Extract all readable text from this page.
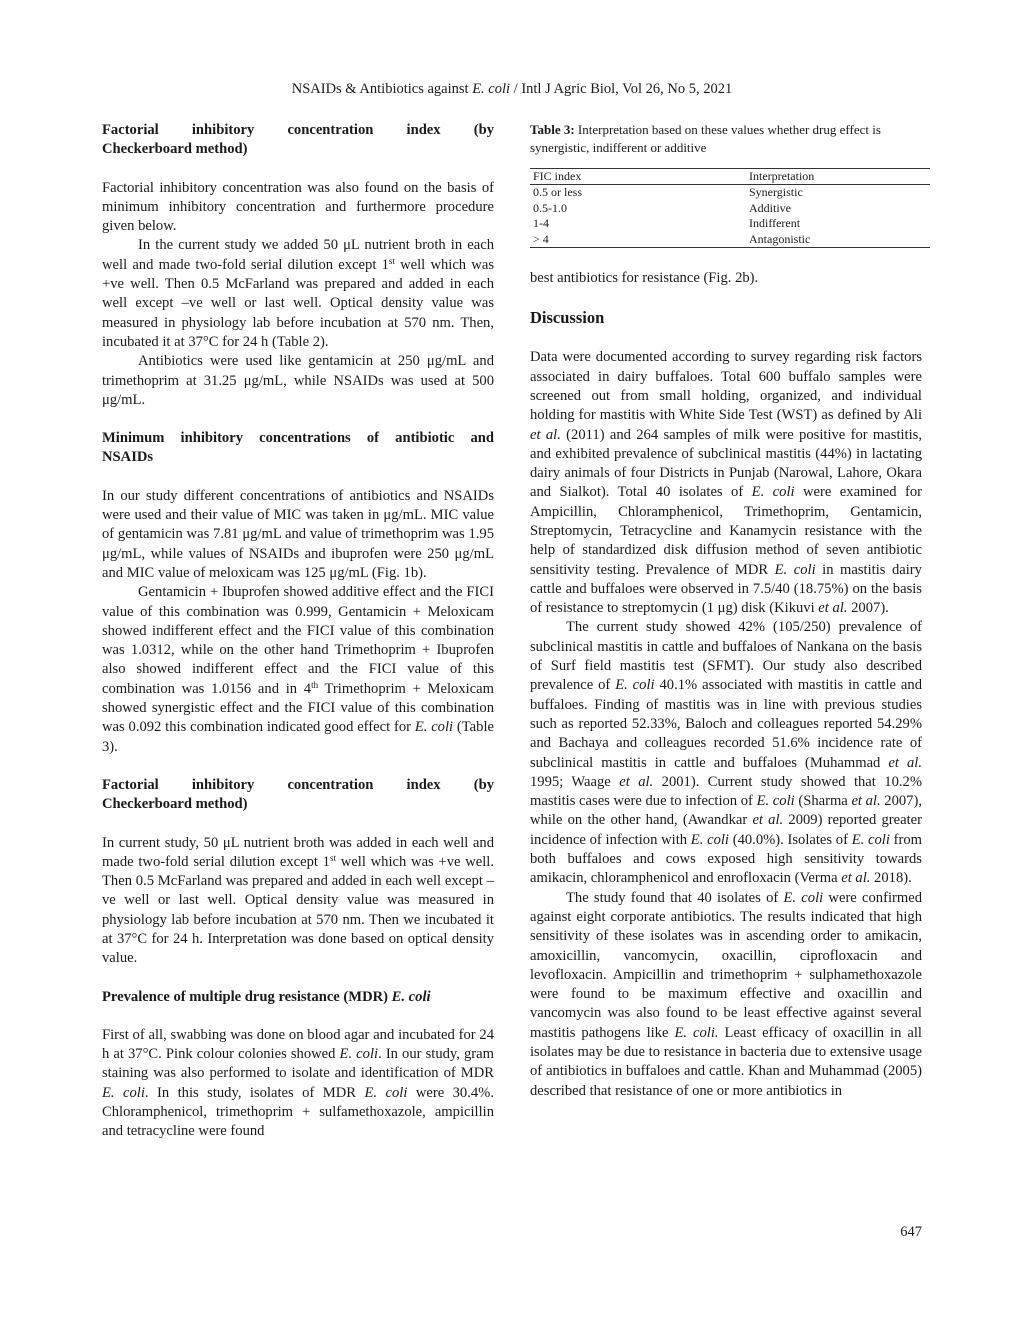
NSAIDs & Antibiotics against E. coli / Intl J Agric Biol, Vol 26, No 5, 2021
Factorial inhibitory concentration index (by
Checkerboard method)

Factorial inhibitory concentration was also found on the basis of minimum inhibitory concentration and furthermore procedure given below.

In the current study we added 50 μL nutrient broth in each well and made two-fold serial dilution except 1st well which was +ve well. Then 0.5 McFarland was prepared and added in each well except –ve well or last well. Optical density value was measured in physiology lab before incubation at 570 nm. Then, incubated it at 37°C for 24 h (Table 2).

Antibiotics were used like gentamicin at 250 μg/mL and trimethoprim at 31.25 μg/mL, while NSAIDs was used at 500 μg/mL.

Minimum inhibitory concentrations of antibiotic and
NSAIDs

In our study different concentrations of antibiotics and NSAIDs were used and their value of MIC was taken in μg/mL. MIC value of gentamicin was 7.81 μg/mL and value of trimethoprim was 1.95 μg/mL, while values of NSAIDs and ibuprofen were 250 μg/mL and MIC value of meloxicam was 125 μg/mL (Fig. 1b).

Gentamicin + Ibuprofen showed additive effect and the FICI value of this combination was 0.999, Gentamicin + Meloxicam showed indifferent effect and the FICI value of this combination was 1.0312, while on the other hand Trimethoprim + Ibuprofen also showed indifferent effect and the FICI value of this combination was 1.0156 and in 4th Trimethoprim + Meloxicam showed synergistic effect and the FICI value of this combination was 0.092 this combination indicated good effect for E. coli (Table 3).

Factorial inhibitory concentration index (by
Checkerboard method)

In current study, 50 μL nutrient broth was added in each well and made two-fold serial dilution except 1st well which was +ve well. Then 0.5 McFarland was prepared and added in each well except –ve well or last well. Optical density value was measured in physiology lab before incubation at 570 nm. Then we incubated it at 37°C for 24 h. Interpretation was done based on optical density value.

Prevalence of multiple drug resistance (MDR) E. coli

First of all, swabbing was done on blood agar and incubated for 24 h at 37°C. Pink colour colonies showed E. coli. In our study, gram staining was also performed to isolate and identification of MDR E. coli. In this study, isolates of MDR E. coli were 30.4%. Chloramphenicol, trimethoprim + sulfamethoxazole, ampicillin and tetracycline were found

Table 3: Interpretation based on these values whether drug effect is synergistic, indifferent or additive
FIC index	Interpretation
0.5 or less	Synergistic
0.5-1.0	Additive
1-4	Indifferent
> 4	Antagonistic

best antibiotics for resistance (Fig. 2b).

Discussion

Data were documented according to survey regarding risk factors associated in dairy buffaloes. Total 600 buffalo samples were screened out from small holding, organized, and individual holding for mastitis with White Side Test (WST) as defined by Ali et al. (2011) and 264 samples of milk were positive for mastitis, and exhibited prevalence of subclinical mastitis (44%) in lactating dairy animals of four Districts in Punjab (Narowal, Lahore, Okara and Sialkot). Total 40 isolates of E. coli were examined for Ampicillin, Chloramphenicol, Trimethoprim, Gentamicin, Streptomycin, Tetracycline and Kanamycin resistance with the help of standardized disk diffusion method of seven antibiotic sensitivity testing. Prevalence of MDR E. coli in mastitis dairy cattle and buffaloes were observed in 7.5/40 (18.75%) on the basis of resistance to streptomycin (1 μg) disk (Kikuvi et al. 2007).

The current study showed 42% (105/250) prevalence of subclinical mastitis in cattle and buffaloes of Nankana on the basis of Surf field mastitis test (SFMT). Our study also described prevalence of E. coli 40.1% associated with mastitis in cattle and buffaloes. Finding of mastitis was in line with previous studies such as reported 52.33%, Baloch and colleagues reported 54.29% and Bachaya and colleagues recorded 51.6% incidence rate of subclinical mastitis in cattle and buffaloes (Muhammad et al. 1995; Waage et al. 2001). Current study showed that 10.2% mastitis cases were due to infection of E. coli (Sharma et al. 2007), while on the other hand, (Awandkar et al. 2009) reported greater incidence of infection with E. coli (40.0%). Isolates of E. coli from both buffaloes and cows exposed high sensitivity towards amikacin, chloramphenicol and enrofloxacin (Verma et al. 2018).

The study found that 40 isolates of E. coli were confirmed against eight corporate antibiotics. The results indicated that high sensitivity of these isolates was in ascending order to amikacin, amoxicillin, vancomycin, oxacillin, ciprofloxacin and levofloxacin. Ampicillin and trimethoprim + sulphamethoxazole were found to be maximum effective and oxacillin and vancomycin was also found to be least effective against several mastitis pathogens like E. coli. Least efficacy of oxacillin in all isolates may be due to resistance in bacteria due to extensive usage of antibiotics in buffaloes and cattle. Khan and Muhammad (2005) described that resistance of one or more antibiotics in

647
